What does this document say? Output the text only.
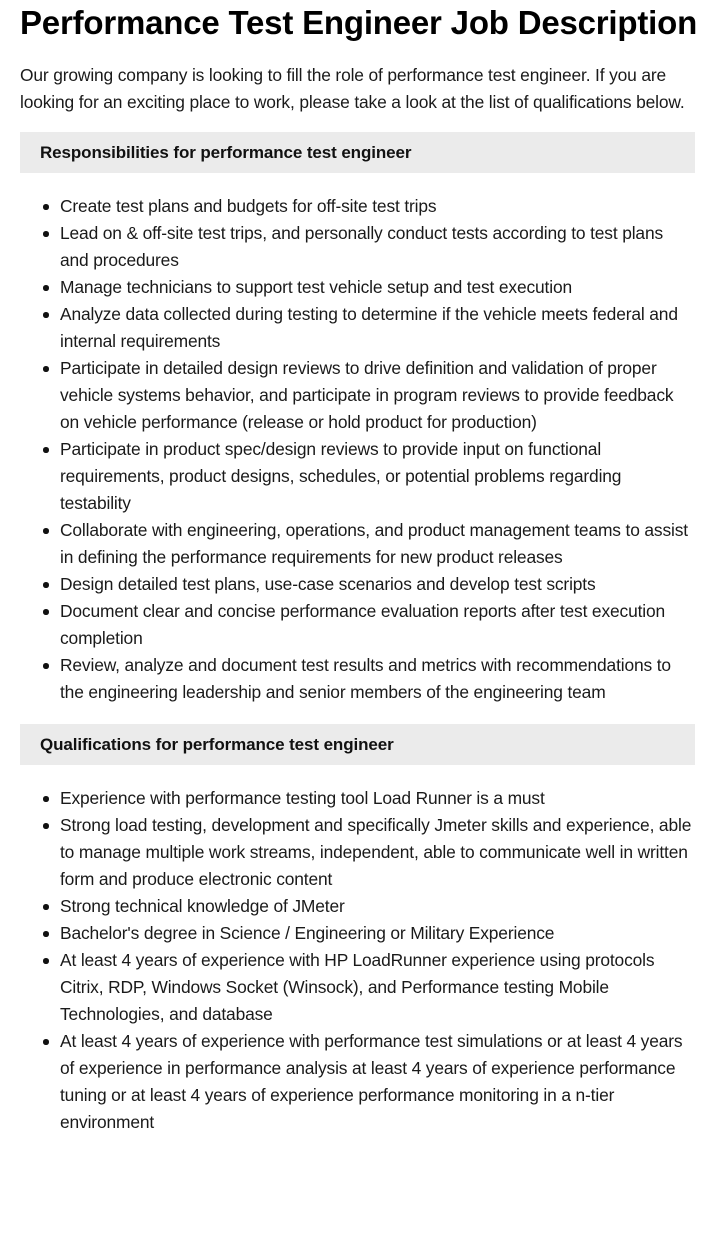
Performance Test Engineer Job Description

Our growing company is looking to fill the role of performance test engineer. If you are looking for an exciting place to work, please take a look at the list of qualifications below.

Responsibilities for performance test engineer
Create test plans and budgets for off-site test trips
Lead on & off-site test trips, and personally conduct tests according to test plans and procedures
Manage technicians to support test vehicle setup and test execution
Analyze data collected during testing to determine if the vehicle meets federal and internal requirements
Participate in detailed design reviews to drive definition and validation of proper vehicle systems behavior, and participate in program reviews to provide feedback on vehicle performance (release or hold product for production)
Participate in product spec/design reviews to provide input on functional requirements, product designs, schedules, or potential problems regarding testability
Collaborate with engineering, operations, and product management teams to assist in defining the performance requirements for new product releases
Design detailed test plans, use-case scenarios and develop test scripts
Document clear and concise performance evaluation reports after test execution completion
Review, analyze and document test results and metrics with recommendations to the engineering leadership and senior members of the engineering team
Qualifications for performance test engineer
Experience with performance testing tool Load Runner is a must
Strong load testing, development and specifically Jmeter skills and experience, able to manage multiple work streams, independent, able to communicate well in written form and produce electronic content
Strong technical knowledge of JMeter
Bachelor's degree in Science / Engineering or Military Experience
At least 4 years of experience with HP LoadRunner experience using protocols Citrix, RDP, Windows Socket (Winsock), and Performance testing Mobile Technologies, and database
At least 4 years of experience with performance test simulations or at least 4 years of experience in performance analysis at least 4 years of experience performance tuning or at least 4 years of experience performance monitoring in a n-tier environment
